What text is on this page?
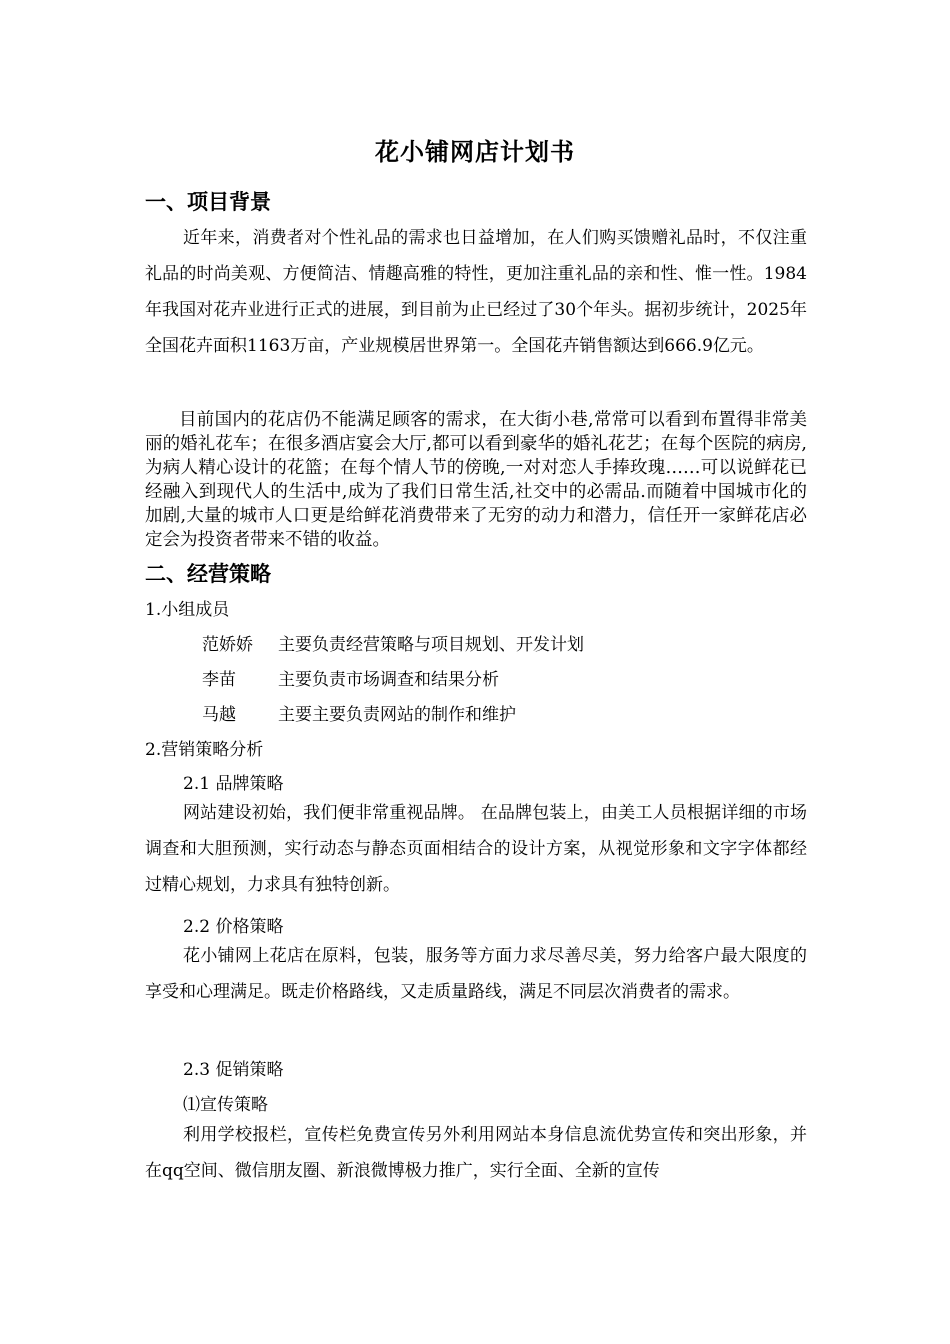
花小铺网店计划书
一、项目背景
近年来，消费者对个性礼品的需求也日益增加，在人们购买馈赠礼品时，不仅注重礼品的时尚美观、方便简洁、情趣高雅的特性，更加注重礼品的亲和性、惟一性。1984年我国对花卉业进行正式的进展，到目前为止已经过了30个年头。据初步统计，2025年全国花卉面积1163万亩，产业规模居世界第一。全国花卉销售额达到666.9亿元。
目前国内的花店仍不能满足顾客的需求，在大街小巷,常常可以看到布置得非常美丽的婚礼花车；在很多酒店宴会大厅,都可以看到豪华的婚礼花艺；在每个医院的病房,为病人精心设计的花篮；在每个情人节的傍晚,一对对恋人手捧玫瑰……可以说鲜花已经融入到现代人的生活中,成为了我们日常生活,社交中的必需品.而随着中国城市化的加剧,大量的城市人口更是给鲜花消费带来了无穷的动力和潜力，信任开一家鲜花店必定会为投资者带来不错的收益。
二、经营策略
1.小组成员
范娇娇 主要负责经营策略与项目规划、开发计划
李苗 主要负责市场调查和结果分析
马越 主要主要负责网站的制作和维护
2.营销策略分析
2.1 品牌策略
网站建设初始，我们便非常重视品牌。 在品牌包装上，由美工人员根据详细的市场调查和大胆预测，实行动态与静态页面相结合的设计方案，从视觉形象和文字字体都经过精心规划，力求具有独特创新。
2.2 价格策略
花小铺网上花店在原料，包装，服务等方面力求尽善尽美，努力给客户最大限度的享受和心理满足。既走价格路线，又走质量路线，满足不同层次消费者的需求。
2.3 促销策略
⑴宣传策略
利用学校报栏，宣传栏免费宣传另外利用网站本身信息流优势宣传和突出形象，并在qq空间、微信朋友圈、新浪微博极力推广，实行全面、全新的宣传
